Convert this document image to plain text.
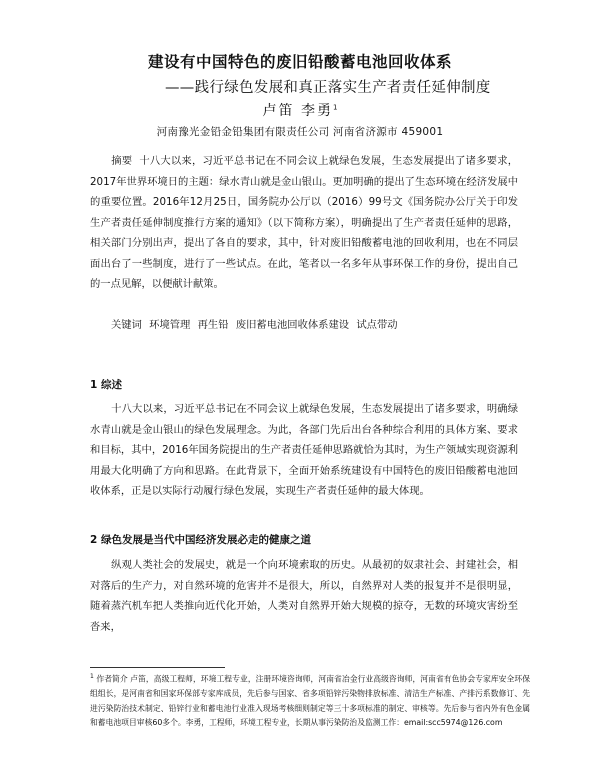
建设有中国特色的废旧铅酸蓄电池回收体系
——践行绿色发展和真正落实生产者责任延伸制度
卢笛 李勇$^1$
河南豫光金铅金铅集团有限责任公司 河南省济源市 459001
摘要 十八大以来，习近平总书记在不同会议上就绿色发展，生态发展提出了诸多要求，2017年世界环境日的主题：绿水青山就是金山银山。更加明确的提出了生态环境在经济发展中的重要位置。2016年12月25日，国务院办公厅以（2016）99号文《国务院办公厅关于印发生产者责任延伸制度推行方案的通知》（以下简称方案），明确提出了生产者责任延伸的思路，相关部门分别出声，提出了各自的要求，其中，针对废旧铅酸蓄电池的回收利用，也在不同层面出台了一些制度，进行了一些试点。在此，笔者以一名多年从事环保工作的身份，提出自己的一点见解，以便献计献策。
关键词 环境管理 再生铅 废旧蓄电池回收体系建设 试点带动
1 综述
十八大以来，习近平总书记在不同会议上就绿色发展，生态发展提出了诸多要求，明确绿水青山就是金山银山的绿色发展理念。为此，各部门先后出台各种综合利用的具体方案、要求和目标，其中，2016年国务院提出的生产者责任延伸思路就恰为其时，为生产领域实现资源利用最大化明确了方向和思路。在此背景下，全面开始系统建设有中国特色的废旧铅酸蓄电池回收体系，正是以实际行动履行绿色发展，实现生产者责任延伸的最大体现。
2 绿色发展是当代中国经济发展必走的健康之道
纵观人类社会的发展史，就是一个向环境索取的历史。从最初的奴隶社会、封建社会，相对落后的生产力，对自然环境的危害并不是很大，所以，自然界对人类的报复并不是很明显，随着蒸汽机车把人类推向近代化开始，人类对自然界开始大规模的掠夺，无数的环境灾害纷至沓来，
$^1$ 作者简介 卢笛，高级工程师，环境工程专业，注册环境咨询师，河南省冶金行业高级咨询师，河南省有色协会专家库安全环保组组长，是河南省和国家环保部专家库成员，先后参与国家、省多项铅锌污染物排放标准、清洁生产标准、产排污系数修订、先进污染防治技术制定、铅锌行业和蓄电池行业准入现场考核细则制定等三十多项标准的制定、审核等。先后参与省内外有色金属和蓄电池项目审核60多个。李勇，工程师，环境工程专业，长期从事污染防治及监测工作：email:scc5974@126.com
